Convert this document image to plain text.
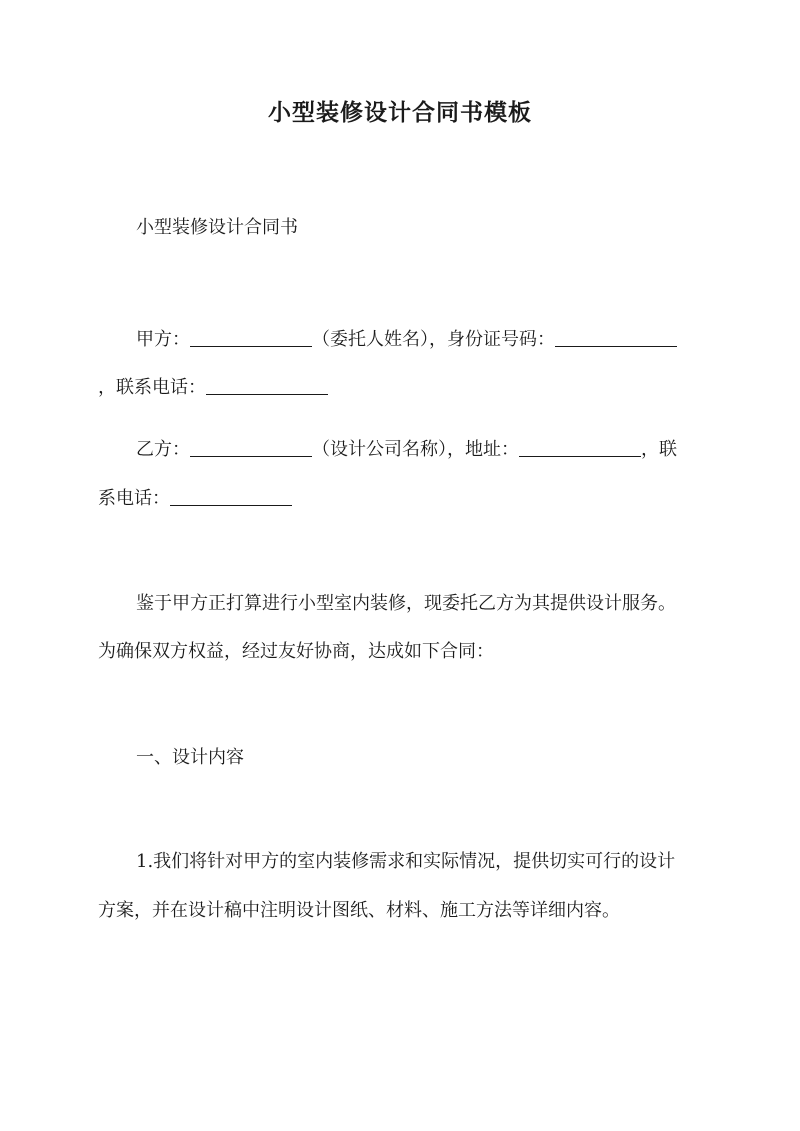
小型装修设计合同书模板
小型装修设计合同书
甲方：	（委托人姓名），身份证号码：
，联系电话：
乙方：	（设计公司名称），地址：	，联
系电话：
鉴于甲方正打算进行小型室内装修，现委托乙方为其提供设计服务。
为确保双方权益，经过友好协商，达成如下合同：
一、设计内容
1.我们将针对甲方的室内装修需求和实际情况，提供切实可行的设计
方案，并在设计稿中注明设计图纸、材料、施工方法等详细内容。
